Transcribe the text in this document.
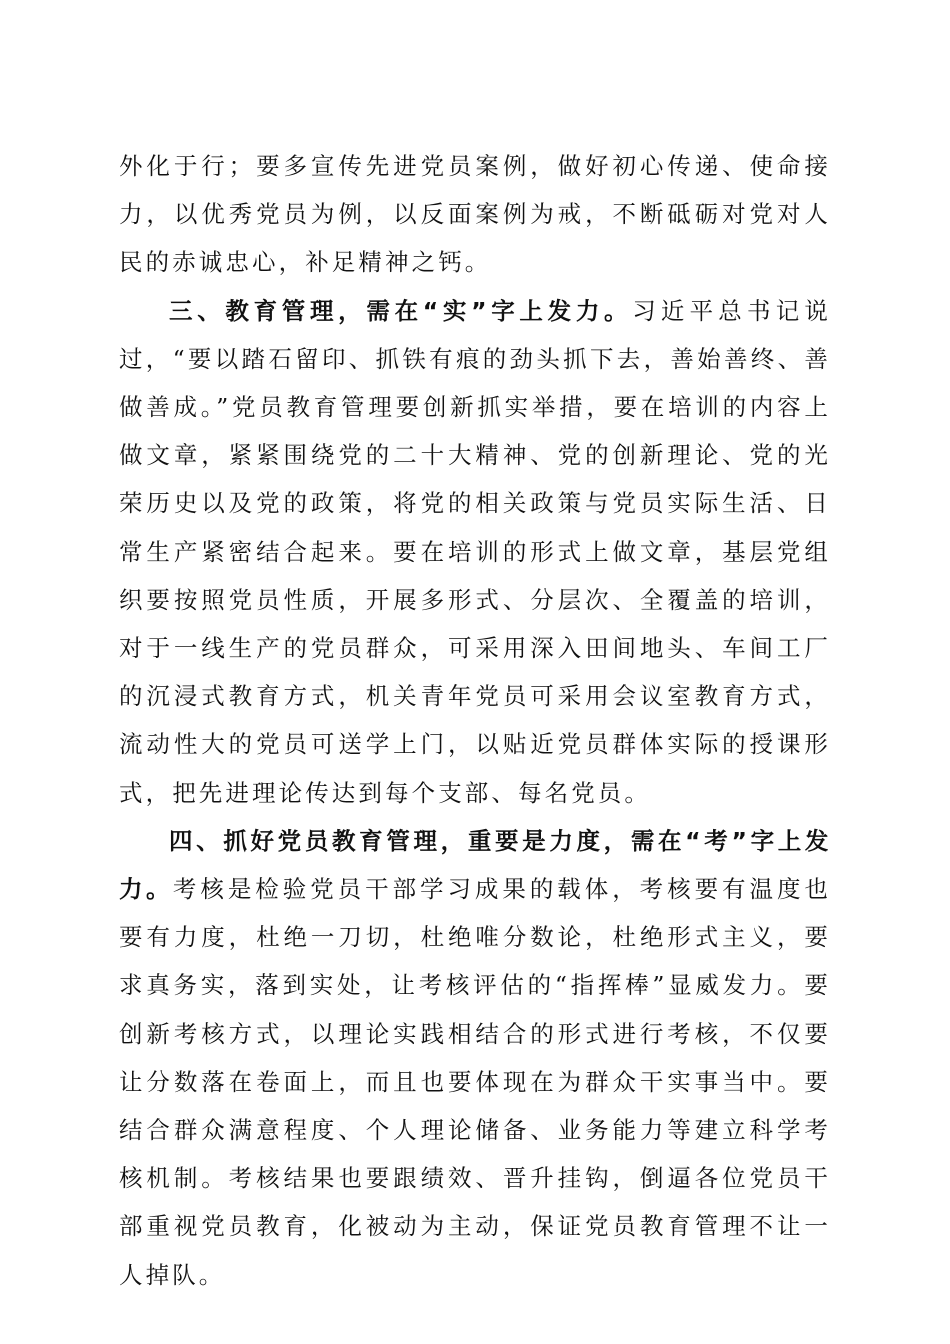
外化于行；要多宣传先进党员案例，做好初心传递、使命接力，以优秀党员为例，以反面案例为戒，不断砥砺对党对人民的赤诚忠心，补足精神之钙。

三、教育管理，需在“实”字上发力。习近平总书记说过，“要以踏石留印、抓铁有痕的劲头抓下去，善始善终、善做善成。”党员教育管理要创新抓实举措，要在培训的内容上做文章，紧紧围绕党的二十大精神、党的创新理论、党的光荣历史以及党的政策，将党的相关政策与党员实际生活、日常生产紧密结合起来。要在培训的形式上做文章，基层党组织要按照党员性质，开展多形式、分层次、全覆盖的培训，对于一线生产的党员群众，可采用深入田间地头、车间工厂的沉浸式教育方式，机关青年党员可采用会议室教育方式，流动性大的党员可送学上门，以贴近党员群体实际的授课形式，把先进理论传达到每个支部、每名党员。

四、抓好党员教育管理，重要是力度，需在“考”字上发力。考核是检验党员干部学习成果的载体，考核要有温度也要有力度，杜绝一刀切，杜绝唯分数论，杜绝形式主义，要求真务实，落到实处，让考核评估的“指挥棒”显威发力。要创新考核方式，以理论实践相结合的形式进行考核，不仅要让分数落在卷面上，而且也要体现在为群众干实事当中。要结合群众满意程度、个人理论储备、业务能力等建立科学考核机制。考核结果也要跟绩效、晋升挂钩，倒逼各位党员干部重视党员教育，化被动为主动，保证党员教育管理不让一人掉队。
